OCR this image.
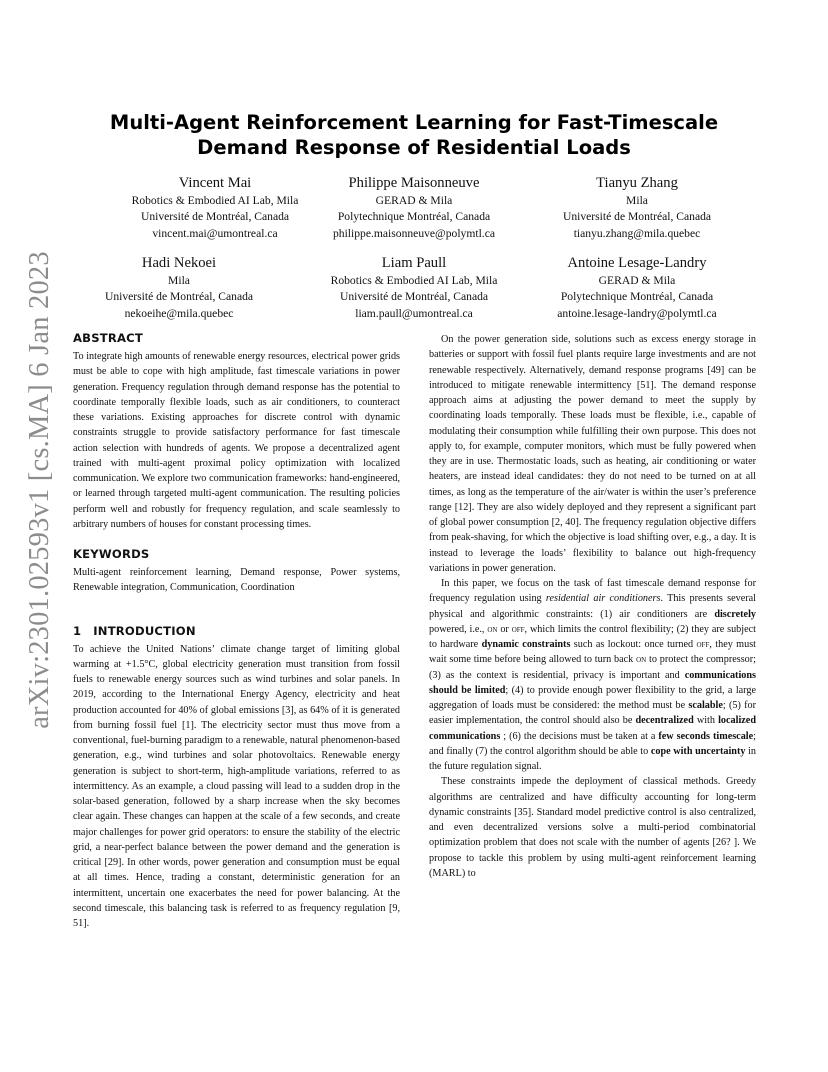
arXiv:2301.02593v1 [cs.MA] 6 Jan 2023
Multi-Agent Reinforcement Learning for Fast-Timescale Demand Response of Residential Loads
Vincent Mai
Robotics & Embodied AI Lab, Mila
Université de Montréal, Canada
vincent.mai@umontreal.ca
Philippe Maisonneuve
GERAD & Mila
Polytechnique Montréal, Canada
philippe.maisonneuve@polymtl.ca
Tianyu Zhang
Mila
Université de Montréal, Canada
tianyu.zhang@mila.quebec
Hadi Nekoei
Mila
Université de Montréal, Canada
nekoeihe@mila.quebec
Liam Paull
Robotics & Embodied AI Lab, Mila
Université de Montréal, Canada
liam.paull@umontreal.ca
Antoine Lesage-Landry
GERAD & Mila
Polytechnique Montréal, Canada
antoine.lesage-landry@polymtl.ca
ABSTRACT

To integrate high amounts of renewable energy resources, electrical power grids must be able to cope with high amplitude, fast timescale variations in power generation. Frequency regulation through demand response has the potential to coordinate temporally flexible loads, such as air conditioners, to counteract these variations. Existing approaches for discrete control with dynamic constraints struggle to provide satisfactory performance for fast timescale action selection with hundreds of agents. We propose a decentralized agent trained with multi-agent proximal policy optimization with localized communication. We explore two communication frameworks: hand-engineered, or learned through targeted multi-agent communication. The resulting policies perform well and robustly for frequency regulation, and scale seamlessly to arbitrary numbers of houses for constant processing times.

KEYWORDS

Multi-agent reinforcement learning, Demand response, Power systems, Renewable integration, Communication, Coordination

1 INTRODUCTION

To achieve the United Nations’ climate change target of limiting global warming at +1.5°C, global electricity generation must transition from fossil fuels to renewable energy sources such as wind turbines and solar panels. In 2019, according to the International Energy Agency, electricity and heat production accounted for 40% of global emissions [3], as 64% of it is generated from burning fossil fuel [1]. The electricity sector must thus move from a conventional, fuel-burning paradigm to a renewable, natural phenomenon-based generation, e.g., wind turbines and solar photovoltaics. Renewable energy generation is subject to short-term, high-amplitude variations, referred to as intermittency. As an example, a cloud passing will lead to a sudden drop in the solar-based generation, followed by a sharp increase when the sky becomes clear again. These changes can happen at the scale of a few seconds, and create major challenges for power grid operators: to ensure the stability of the electric grid, a near-perfect balance between the power demand and the generation is critical [29]. In other words, power generation and consumption must be equal at all times. Hence, trading a constant, deterministic generation for an intermittent, uncertain one exacerbates the need for power balancing. At the second timescale, this balancing task is referred to as frequency regulation [9, 51].

On the power generation side, solutions such as excess energy storage in batteries or support with fossil fuel plants require large investments and are not renewable respectively. Alternatively, demand response programs [49] can be introduced to mitigate renewable intermittency [51]. The demand response approach aims at adjusting the power demand to meet the supply by coordinating loads temporally. These loads must be flexible, i.e., capable of modulating their consumption while fulfilling their own purpose. This does not apply to, for example, computer monitors, which must be fully powered when they are in use. Thermostatic loads, such as heating, air conditioning or water heaters, are instead ideal candidates: they do not need to be turned on at all times, as long as the temperature of the air/water is within the user’s preference range [12]. They are also widely deployed and they represent a significant part of global power consumption [2, 40]. The frequency regulation objective differs from peak-shaving, for which the objective is load shifting over, e.g., a day. It is instead to leverage the loads’ flexibility to balance out high-frequency variations in power generation.

In this paper, we focus on the task of fast timescale demand response for frequency regulation using residential air conditioners. This presents several physical and algorithmic constraints: (1) air conditioners are discretely powered, i.e., on or off, which limits the control flexibility; (2) they are subject to hardware dynamic constraints such as lockout: once turned off, they must wait some time before being allowed to turn back on to protect the compressor; (3) as the context is residential, privacy is important and communications should be limited; (4) to provide enough power flexibility to the grid, a large aggregation of loads must be considered: the method must be scalable; (5) for easier implementation, the control should also be decentralized with localized communications ; (6) the decisions must be taken at a few seconds timescale; and finally (7) the control algorithm should be able to cope with uncertainty in the future regulation signal.

These constraints impede the deployment of classical methods. Greedy algorithms are centralized and have difficulty accounting for long-term dynamic constraints [35]. Standard model predictive control is also centralized, and even decentralized versions solve a multi-period combinatorial optimization problem that does not scale with the number of agents [26? ]. We propose to tackle this problem by using multi-agent reinforcement learning (MARL) to
